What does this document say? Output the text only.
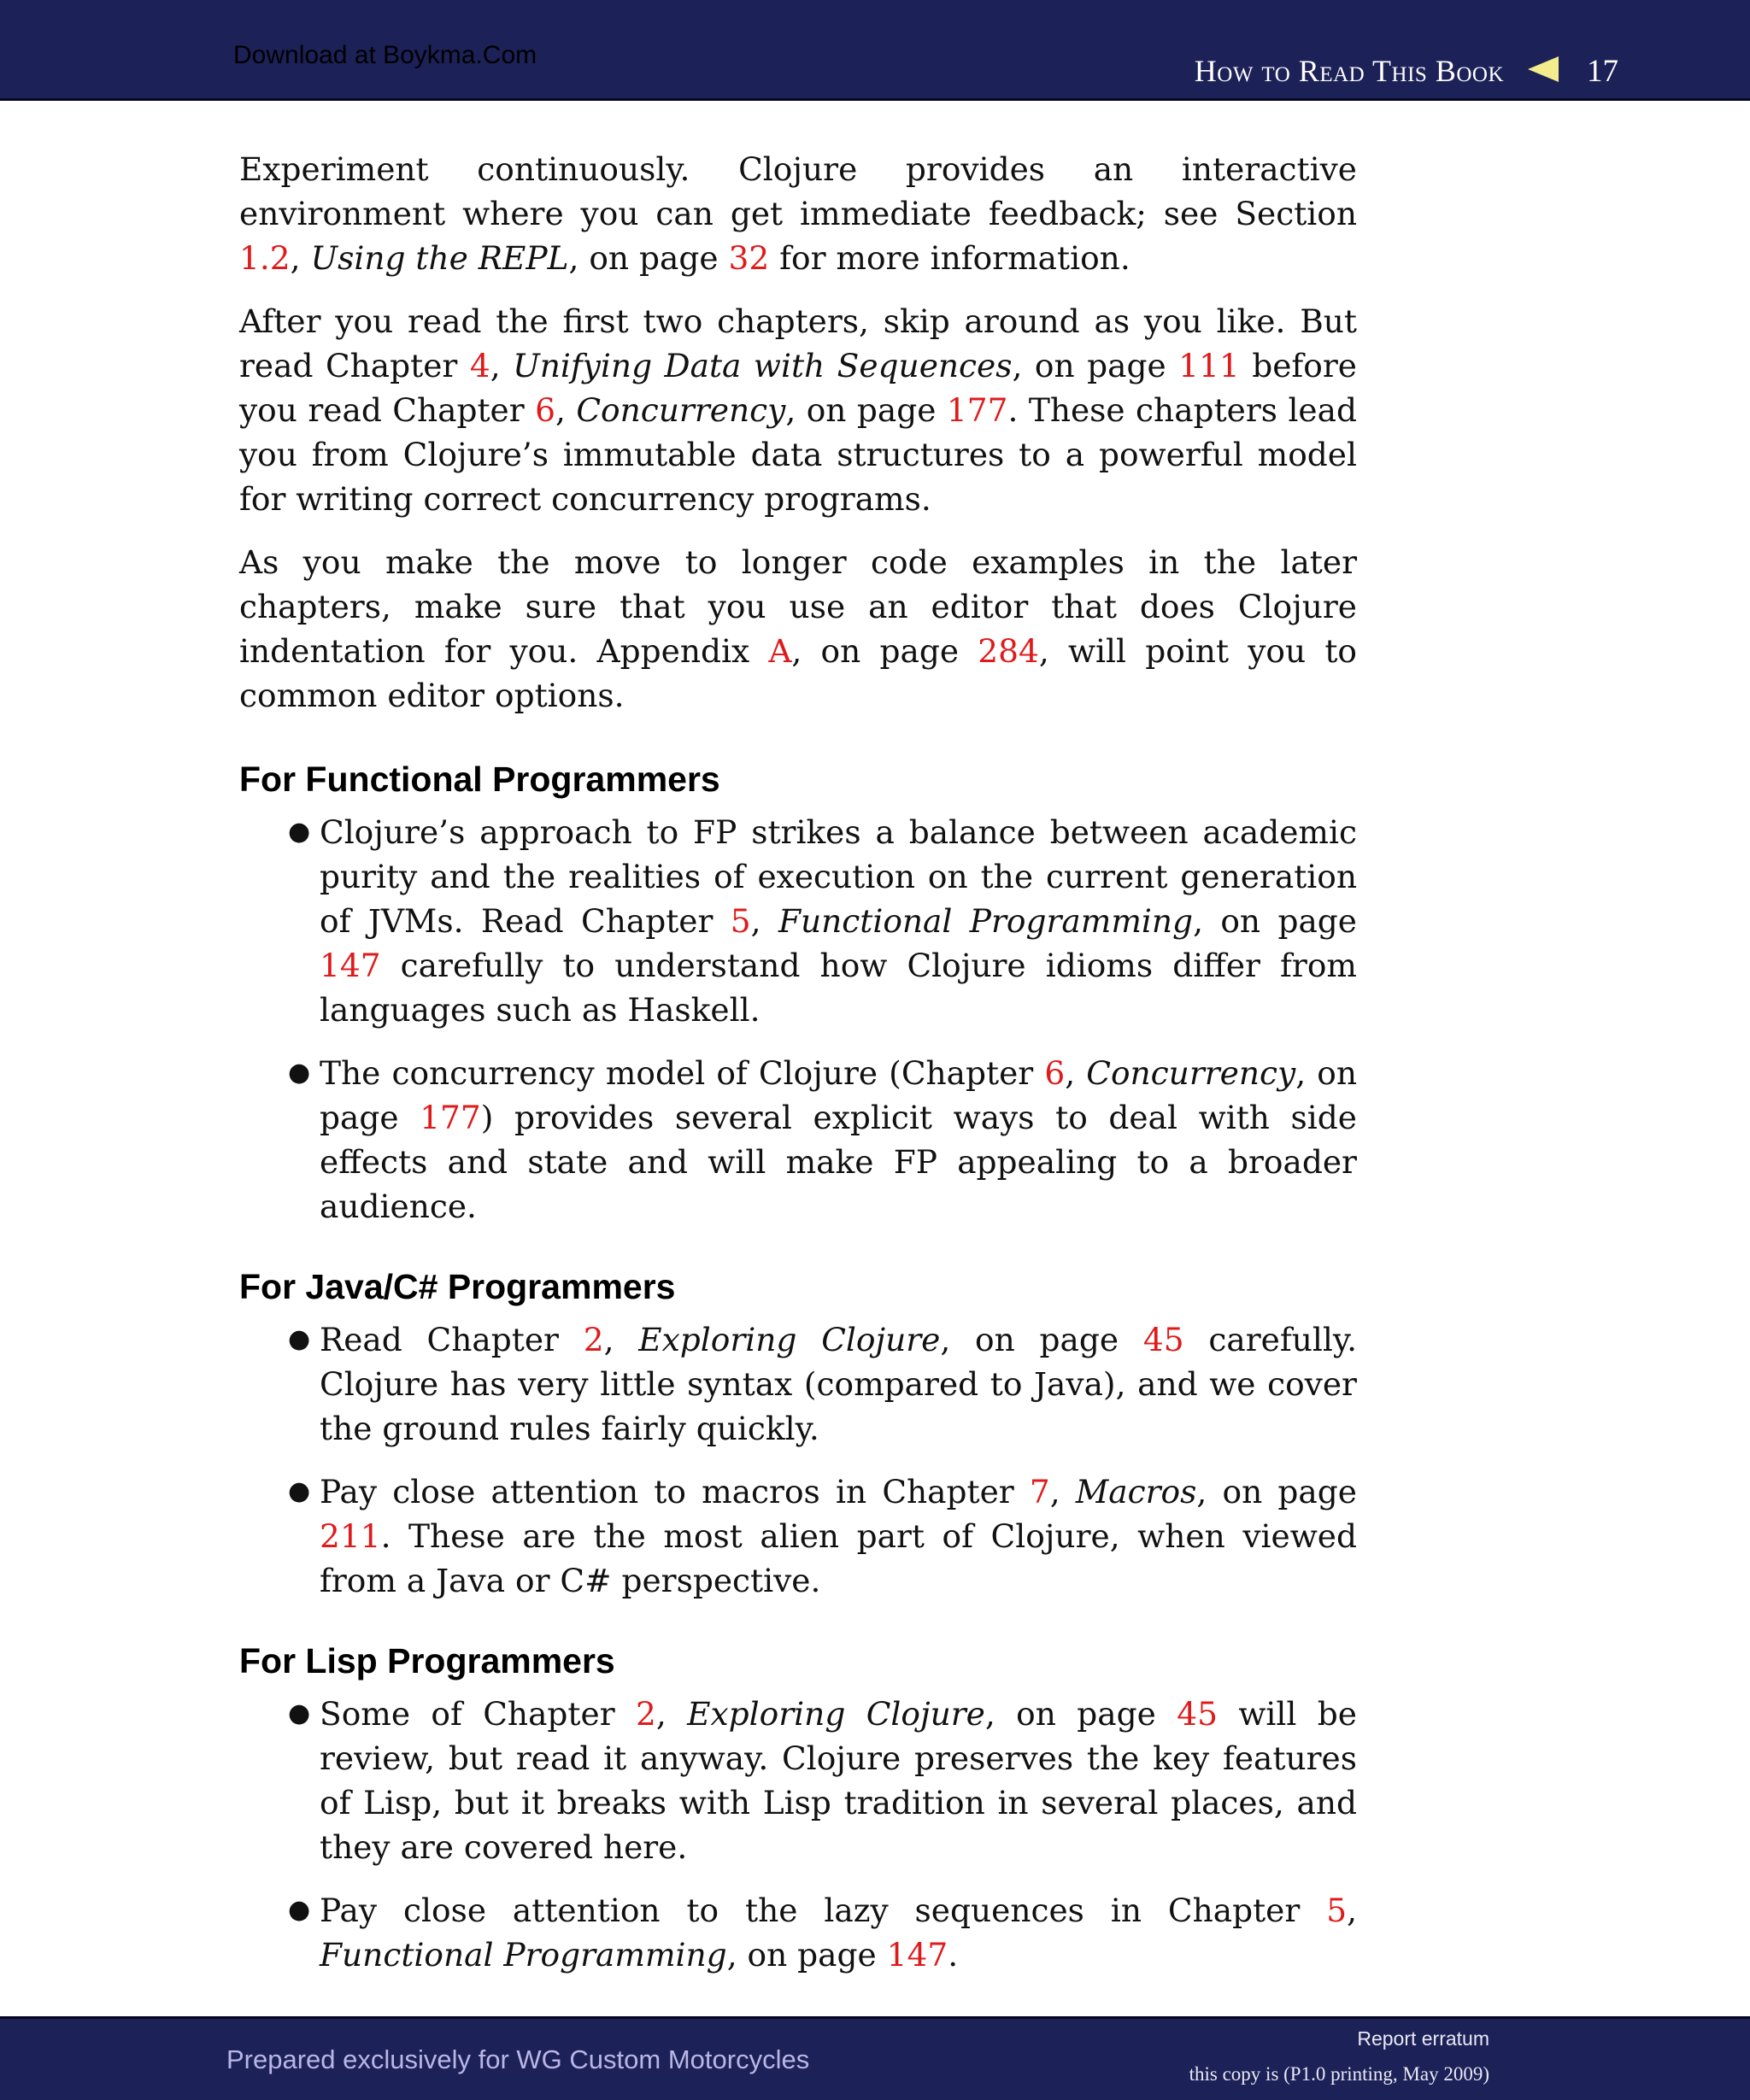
Download at Boykma.Com	How to Read This Book	17

Experiment continuously. Clojure provides an interactive environment where you can get immediate feedback; see Section 1.2, Using the REPL, on page 32 for more information.

After you read the first two chapters, skip around as you like. But read Chapter 4, Unifying Data with Sequences, on page 111 before you read Chapter 6, Concurrency, on page 177. These chapters lead you from Clojure’s immutable data structures to a powerful model for writing correct concurrency programs.

As you make the move to longer code examples in the later chapters, make sure that you use an editor that does Clojure indentation for you. Appendix A, on page 284, will point you to common editor options.

For Functional Programmers
● Clojure’s approach to FP strikes a balance between academic purity and the realities of execution on the current generation of JVMs. Read Chapter 5, Functional Programming, on page 147 carefully to understand how Clojure idioms differ from languages such as Haskell.
● The concurrency model of Clojure (Chapter 6, Concurrency, on page 177) provides several explicit ways to deal with side effects and state and will make FP appealing to a broader audience.
For Java/C# Programmers
● Read Chapter 2, Exploring Clojure, on page 45 carefully. Clojure has very little syntax (compared to Java), and we cover the ground rules fairly quickly.
● Pay close attention to macros in Chapter 7, Macros, on page 211. These are the most alien part of Clojure, when viewed from a Java or C# perspective.
For Lisp Programmers
● Some of Chapter 2, Exploring Clojure, on page 45 will be review, but read it anyway. Clojure preserves the key features of Lisp, but it breaks with Lisp tradition in several places, and they are covered here.
● Pay close attention to the lazy sequences in Chapter 5, Functional Programming, on page 147.
Prepared exclusively for WG Custom Motorcycles
Report erratum
this copy is (P1.0 printing, May 2009)
